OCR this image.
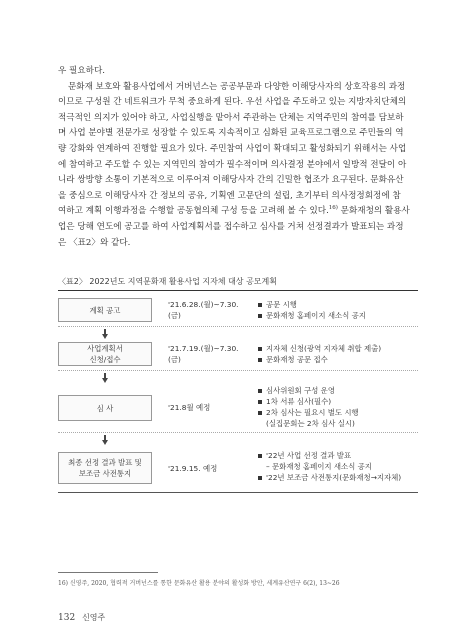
우 필요하다.

문화재 보호와 활용사업에서 거버넌스는 공공부문과 다양한 이해당사자의 상호작용의 과정

이므로 구성원 간 네트워크가 무척 중요하게 된다. 우선 사업을 주도하고 있는 지방자치단체의

적극적인 의지가 있어야 하고, 사업실행을 맡아서 주관하는 단체는 지역주민의 참여를 담보하

며 사업 분야별 전문가로 성장할 수 있도록 지속적이고 심화된 교육프로그램으로 주민들의 역

량 강화와 연계하여 진행할 필요가 있다. 주민참여 사업이 확대되고 활성화되기 위해서는 사업

에 참여하고 주도할 수 있는 지역민의 참여가 필수적이며 의사결정 분야에서 일방적 전달이 아

니라 쌍방향 소통이 기본적으로 이루어져 이해당사자 간의 긴밀한 협조가 요구된다. 문화유산

을 중심으로 이해당사자 간 정보의 공유, 기획엔 고문단의 설립, 초기부터 의사정정회정에 참

여하고 계획 이행과정을 수행할 공동협의체 구성 등을 고려해 볼 수 있다.$^{16)}$ 문화재청의 활용사

업은 당해 연도에 공고를 하여 사업계획서를 접수하고 심사를 거쳐 선정결과가 발표되는 과정

은 〈표2〉와 같다.

〈표2〉 2022년도 지역문화재 활용사업 지자체 대상 공모계획
계획 공고
'21.6.28.(월)~7.30.(금)
공문 시행
문화재청 홈페이지 새소식 공지
사업계획서
신청/접수
'21.7.19.(월)~7.30.(금)
지자체 신청(광역 지자체 취합 제출)
문화재청 공문 접수
심 사	'21.8월 예정
심사위원회 구성 운영
1차 서류 심사(필수)
2차 심사는 필요시 별도 시행
(실집문회는 2차 심사 실시)
최종 선정 결과 발표 및
보조금 사전통지
'21.9.15. 예정
'22년 사업 선정 결과 발표
– 문화재청 홈페이지 새소식 공지
'22년 보조금 사전통지(문화재청→지자체)
16) 신영주, 2020, 협력적 거버넌스를 통한 문화유산 활용 분야의 활성화 방안, 세계유산연구 6(2), 13~26
132 신영주
